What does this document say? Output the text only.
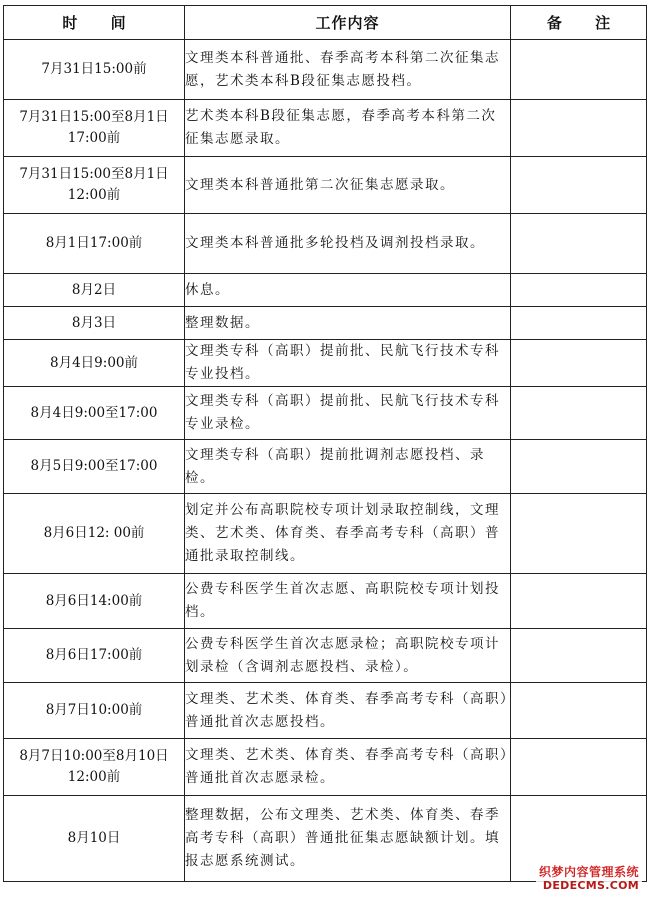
时 间	工作内容	备 注
7月31日15:00前	文理类本科普通批、春季高考本科第二次征集志愿，艺术类本科B段征集志愿投档。	
7月31日15:00至8月1日17:00前	艺术类本科B段征集志愿，春季高考本科第二次征集志愿录取。	
7月31日15:00至8月1日12:00前	文理类本科普通批第二次征集志愿录取。	
8月1日17:00前	文理类本科普通批多轮投档及调剂投档录取。	
8月2日	休息。	
8月3日	整理数据。	
8月4日9:00前	文理类专科（高职）提前批、民航飞行技术专科专业投档。	
8月4日9:00至17:00	文理类专科（高职）提前批、民航飞行技术专科专业录检。	
8月5日9:00至17:00	文理类专科（高职）提前批调剂志愿投档、录检。	
8月6日12: 00前	划定并公布高职院校专项计划录取控制线，文理类、艺术类、体育类、春季高考专科（高职）普通批录取控制线。	
8月6日14:00前	公费专科医学生首次志愿、高职院校专项计划投档。	
8月6日17:00前	公费专科医学生首次志愿录检；高职院校专项计划录检（含调剂志愿投档、录检）。	
8月7日10:00前	文理类、艺术类、体育类、春季高考专科（高职）普通批首次志愿投档。	
8月7日10:00至8月10日12:00前	文理类、艺术类、体育类、春季高考专科（高职）普通批首次志愿录检。	
8月10日	整理数据，公布文理类、艺术类、体育类、春季高考专科（高职）普通批征集志愿缺额计划。填报志愿系统测试。	
织梦内容管理系统
DEDECMS.COM
